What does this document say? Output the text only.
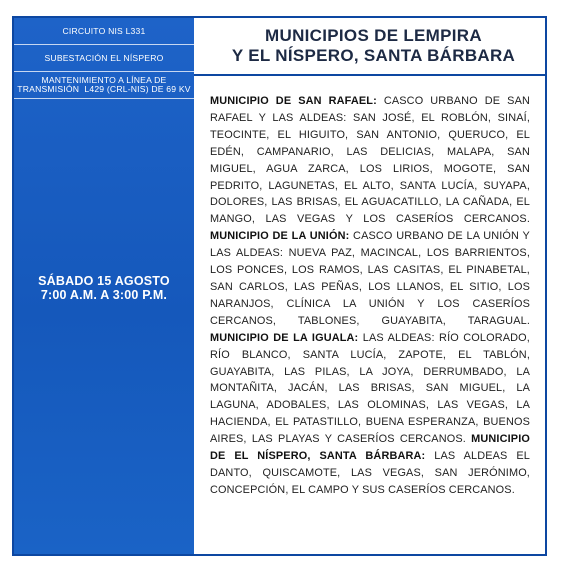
CIRCUITO NIS L331
SUBESTACIÓN EL NÍSPERO
MANTENIMIENTO A LÍNEA DE
TRANSMISIÓN  L429 (CRL-NIS) DE 69 KV
SÁBADO 15 AGOSTO
7:00 A.M. A 3:00 P.M.
MUNICIPIOS DE LEMPIRA
Y EL NÍSPERO, SANTA BÁRBARA
MUNICIPIO DE SAN RAFAEL: CASCO URBANO DE SAN RAFAEL Y LAS ALDEAS: SAN JOSÉ, EL ROBLÓN, SINAÍ, TEOCINTE, EL HIGUITO, SAN ANTONIO, QUERUCO, EL EDÉN, CAMPANARIO, LAS DELICIAS, MALAPA, SAN MIGUEL, AGUA ZARCA, LOS LIRIOS, MOGOTE, SAN PEDRITO, LAGUNETAS, EL ALTO, SANTA LUCÍA, SUYAPA, DOLORES, LAS BRISAS, EL AGUACATILLO, LA CAÑADA, EL MANGO, LAS VEGAS Y LOS CASERÍOS CERCANOS. MUNICIPIO DE LA UNIÓN: CASCO URBANO DE LA UNIÓN Y LAS ALDEAS: NUEVA PAZ, MACINCAL, LOS BARRIENTOS, LOS PONCES, LOS RAMOS, LAS CASITAS, EL PINABETAL, SAN CARLOS, LAS PEÑAS, LOS LLANOS, EL SITIO, LOS NARANJOS, CLÍNICA LA UNIÓN Y LOS CASERÍOS CERCANOS, TABLONES, GUAYABITA, TARAGUAL. MUNICIPIO DE LA IGUALA: LAS ALDEAS: RÍO COLORADO, RÍO BLANCO, SANTA LUCÍA, ZAPOTE, EL TABLÓN, GUAYABITA, LAS PILAS, LA JOYA, DERRUMBADO, LA MONTAÑITA, JACÁN, LAS BRISAS, SAN MIGUEL, LA LAGUNA, ADOBALES, LAS OLOMINAS, LAS VEGAS, LA HACIENDA, EL PATASTILLO, BUENA ESPERANZA, BUENOS AIRES, LAS PLAYAS Y CASERÍOS CERCANOS. MUNICIPIO DE EL NÍSPERO, SANTA BÁRBARA: LAS ALDEAS EL DANTO, QUISCAMOTE, LAS VEGAS, SAN JERÓNIMO, CONCEPCIÓN, EL CAMPO Y SUS CASERÍOS CERCANOS.
